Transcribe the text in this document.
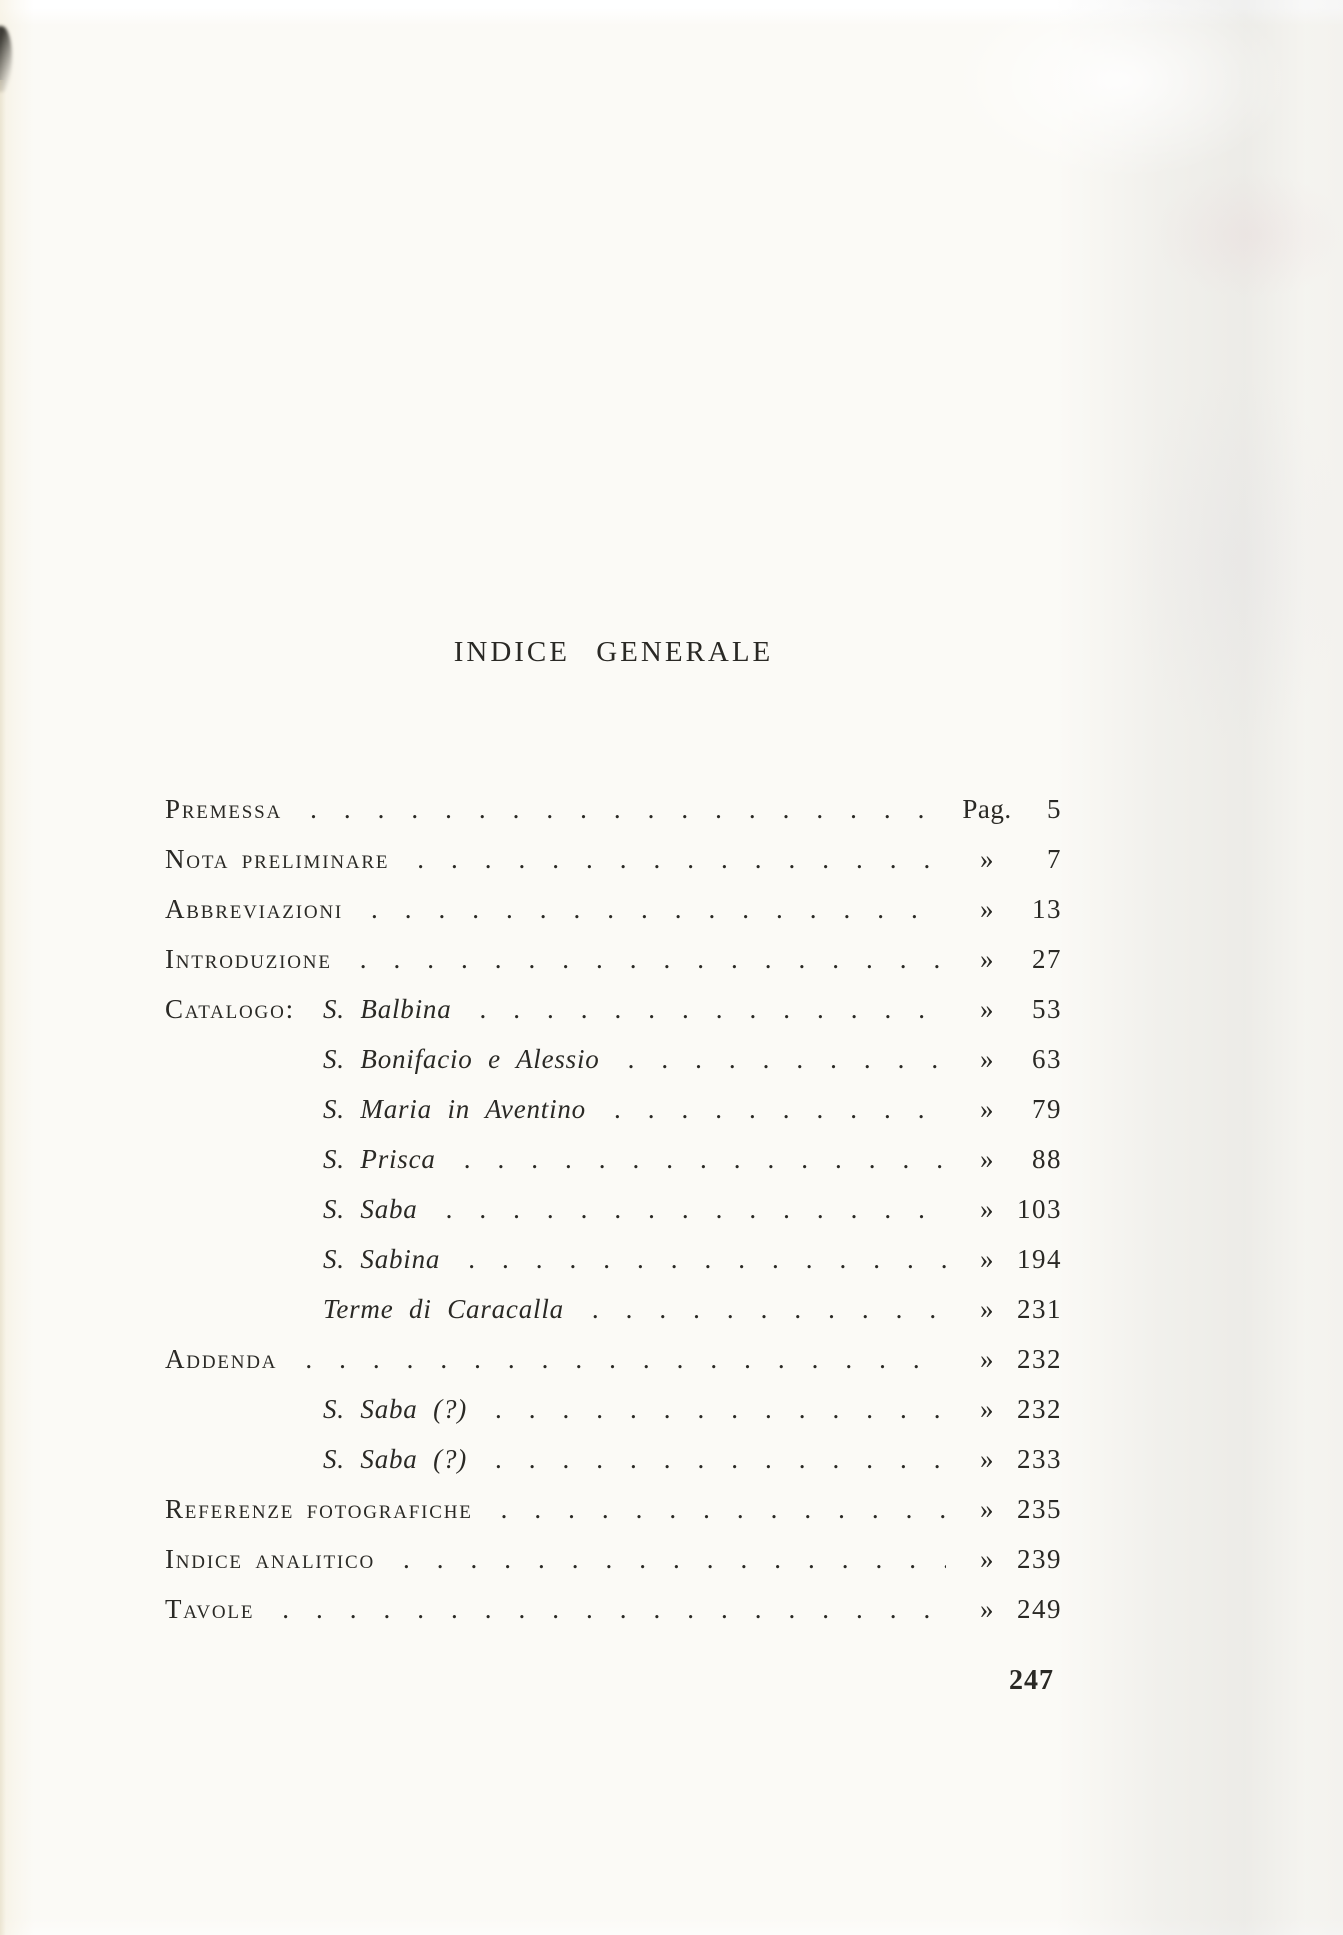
INDICE GENERALE
Premessa .....	Pag.	5
Nota preliminare .....	»	7
Abbreviazioni .....	»	13
Introduzione .....	»	27
Catalogo: S. Balbina .....	»	53
S. Bonifacio e Alessio .....	»	63
S. Maria in Aventino .....	»	79
S. Prisca .....	»	88
S. Saba .....	» 103
S. Sabina .....	» 194
Terme di Caracalla .....	» 231
Addenda .....	» 232
S. Saba (?) .....	» 232
S. Saba (?) .....	» 233
Referenze fotografiche .....	» 235
Indice analitico .....	» 239
Tavole .....	» 249
247
